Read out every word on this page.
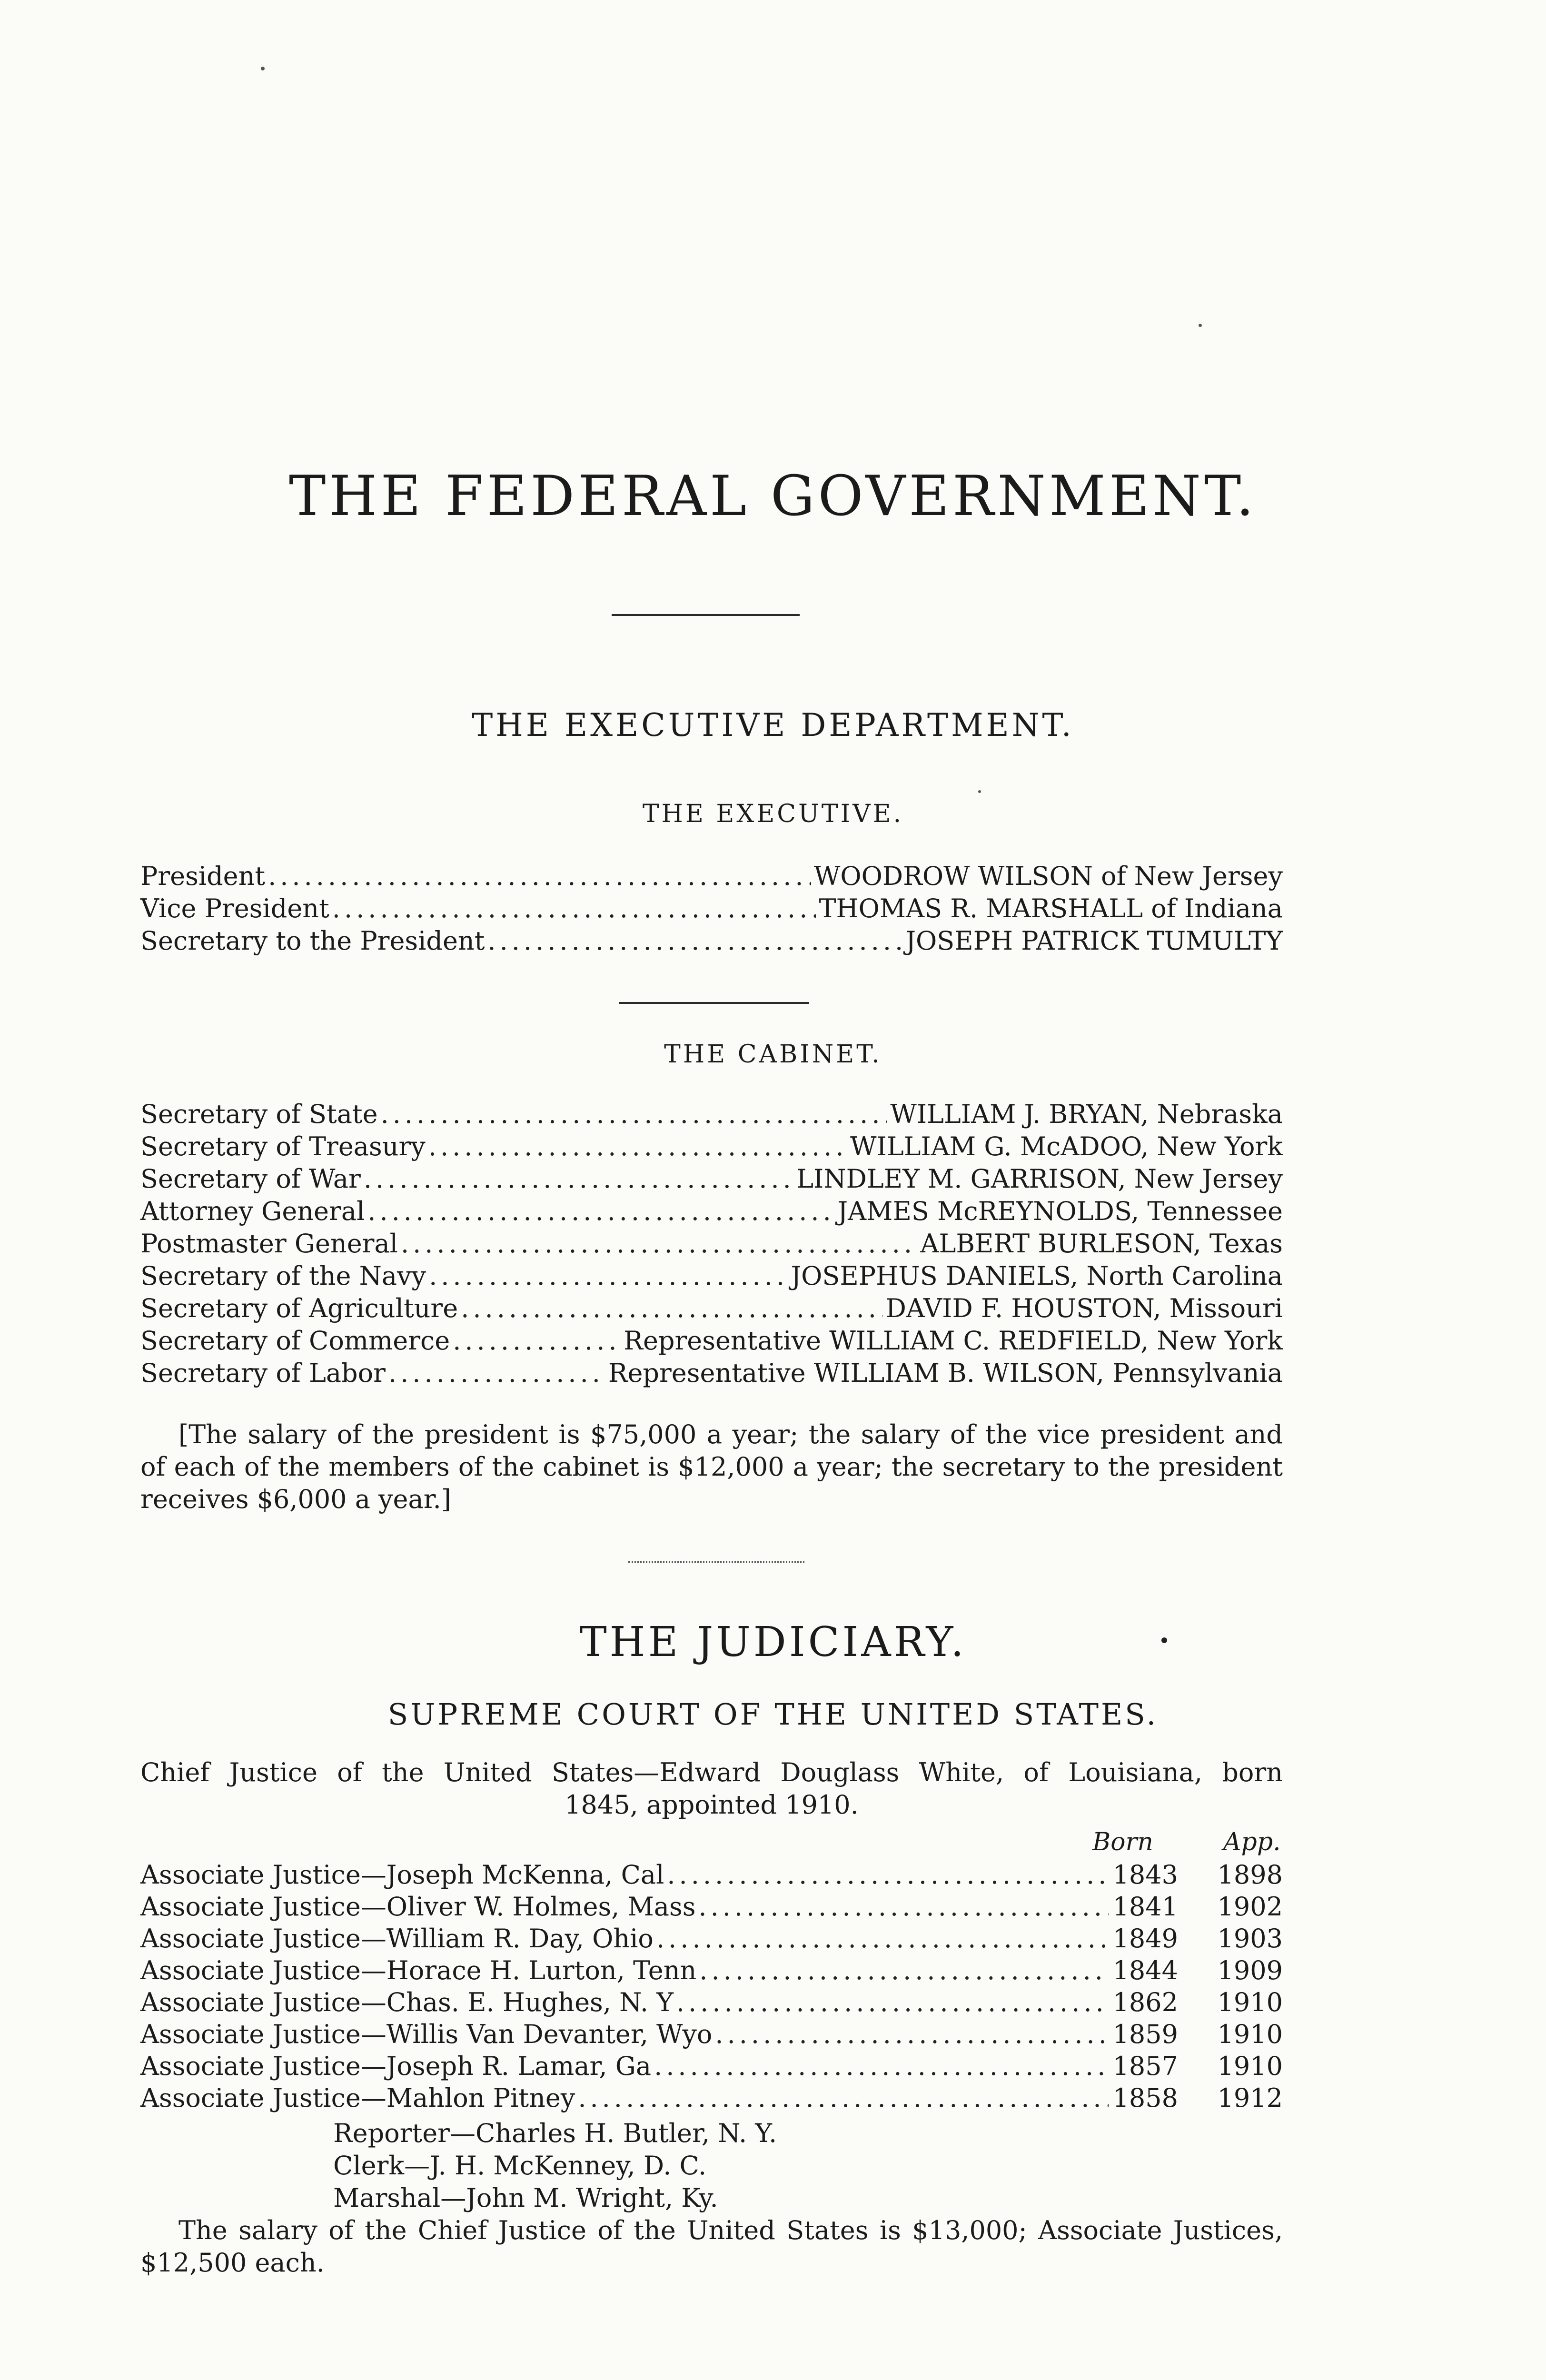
THE FEDERAL GOVERNMENT.
THE EXECUTIVE DEPARTMENT.
THE EXECUTIVE.
President .....	WOODROW WILSON of New Jersey
Vice President .....	THOMAS R. MARSHALL of Indiana
Secretary to the President .....	JOSEPH PATRICK TUMULTY
THE CABINET.
Secretary of State .....	WILLIAM J. BRYAN, Nebraska
Secretary of Treasury .....	WILLIAM G. McADOO, New York
Secretary of War .....	LINDLEY M. GARRISON, New Jersey
Attorney General .....	JAMES McREYNOLDS, Tennessee
Postmaster General .....	ALBERT BURLESON, Texas
Secretary of the Navy .....	JOSEPHUS DANIELS, North Carolina
Secretary of Agriculture .....	DAVID F. HOUSTON, Missouri
Secretary of Commerce .....	Representative WILLIAM C. REDFIELD, New York
Secretary of Labor .....	Representative WILLIAM B. WILSON, Pennsylvania
[The salary of the president is $75,000 a year; the salary of the vice president and of each of the members of the cabinet is $12,000 a year; the secretary to the president receives $6,000 a year.]
THE JUDICIARY.
SUPREME COURT OF THE UNITED STATES.
Chief Justice of the United States—Edward Douglass White, of Louisiana, born
1845, appointed 1910.
Born	App.
Associate Justice—Joseph McKenna, Cal .....	1843	1898
Associate Justice—Oliver W. Holmes, Mass .....	1841	1902
Associate Justice—William R. Day, Ohio .....	1849	1903
Associate Justice—Horace H. Lurton, Tenn .....	1844	1909
Associate Justice—Chas. E. Hughes, N. Y .....	1862	1910
Associate Justice—Willis Van Devanter, Wyo .....	1859	1910
Associate Justice—Joseph R. Lamar, Ga .....	1857	1910
Associate Justice—Mahlon Pitney .....	1858	1912
Reporter—Charles H. Butler, N. Y.
Clerk—J. H. McKenney, D. C.
Marshal—John M. Wright, Ky.
The salary of the Chief Justice of the United States is $13,000; Associate Justices, $12,500 each.
